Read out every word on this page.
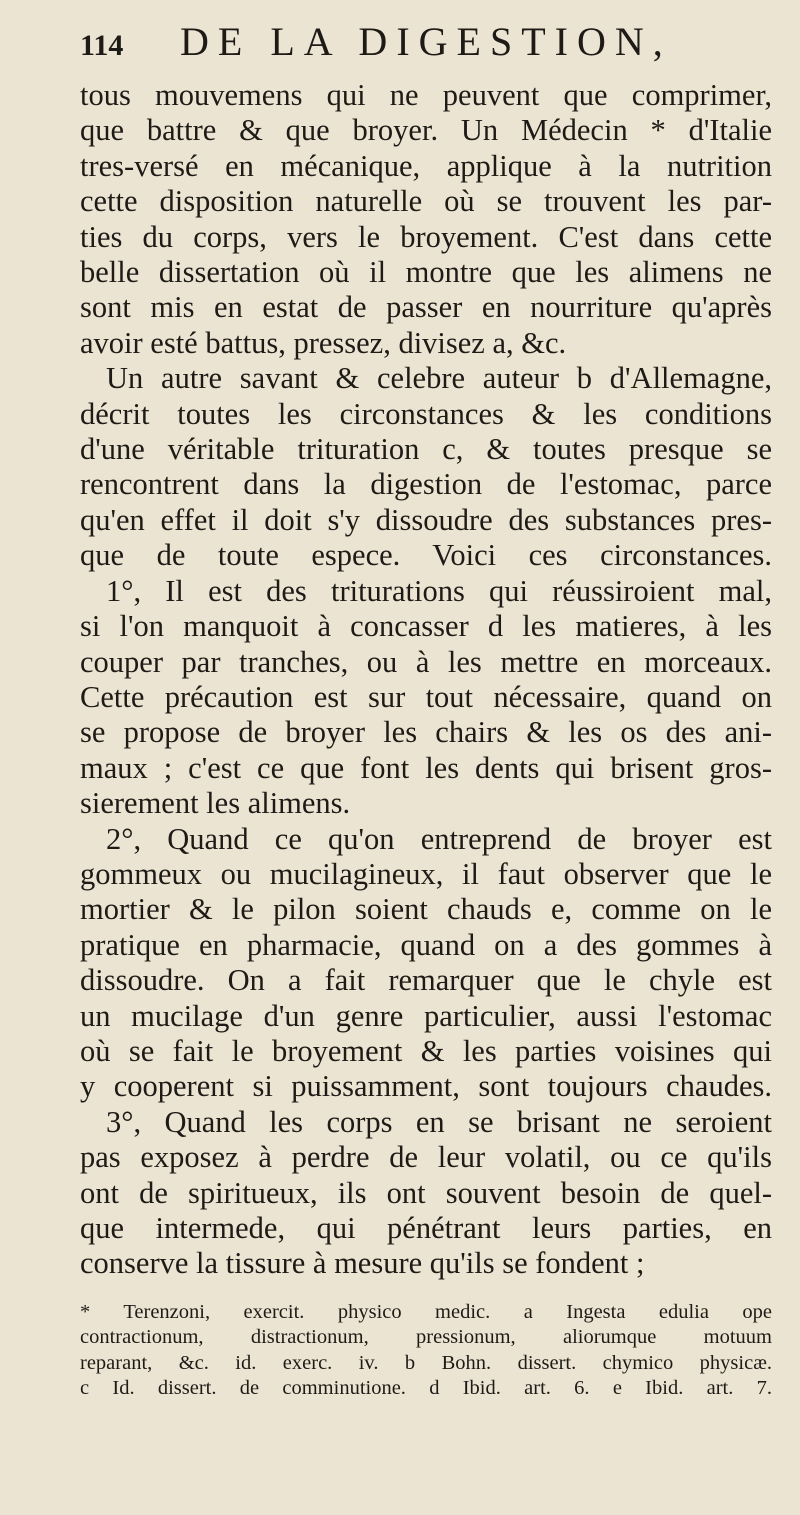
114	DE LA DIGESTION,
tous mouvemens qui ne peuvent que comprimer,
que battre & que broyer. Un Médecin * d'Italie
tres-versé en mécanique, applique à la nutrition
cette disposition naturelle où se trouvent les par-
ties du corps, vers le broyement. C'est dans cette
belle dissertation où il montre que les alimens ne
sont mis en estat de passer en nourriture qu'après
avoir esté battus, pressez, divisez a, &c.
Un autre savant & celebre auteur b d'Allemagne,
décrit toutes les circonstances & les conditions
d'une véritable trituration c, & toutes presque se
rencontrent dans la digestion de l'estomac, parce
qu'en effet il doit s'y dissoudre des substances pres-
que de toute espece. Voici ces circonstances.
1°, Il est des triturations qui réussiroient mal,
si l'on manquoit à concasser d les matieres, à les
couper par tranches, ou à les mettre en morceaux.
Cette précaution est sur tout nécessaire, quand on
se propose de broyer les chairs & les os des ani-
maux ; c'est ce que font les dents qui brisent gros-
sierement les alimens.
2°, Quand ce qu'on entreprend de broyer est
gommeux ou mucilagineux, il faut observer que le
mortier & le pilon soient chauds e, comme on le
pratique en pharmacie, quand on a des gommes à
dissoudre. On a fait remarquer que le chyle est
un mucilage d'un genre particulier, aussi l'estomac
où se fait le broyement & les parties voisines qui
y cooperent si puissamment, sont toujours chaudes.
3°, Quand les corps en se brisant ne seroient
pas exposez à perdre de leur volatil, ou ce qu'ils
ont de spiritueux, ils ont souvent besoin de quel-
que intermede, qui pénétrant leurs parties, en
conserve la tissure à mesure qu'ils se fondent ;
* Terenzoni, exercit. physico medic. a Ingesta edulia ope
contractionum, distractionum, pressionum, aliorumque motuum
reparant, &c. id. exerc. iv. b Bohn. dissert. chymico physicæ.
c Id. dissert. de comminutione. d Ibid. art. 6. e Ibid. art. 7.
